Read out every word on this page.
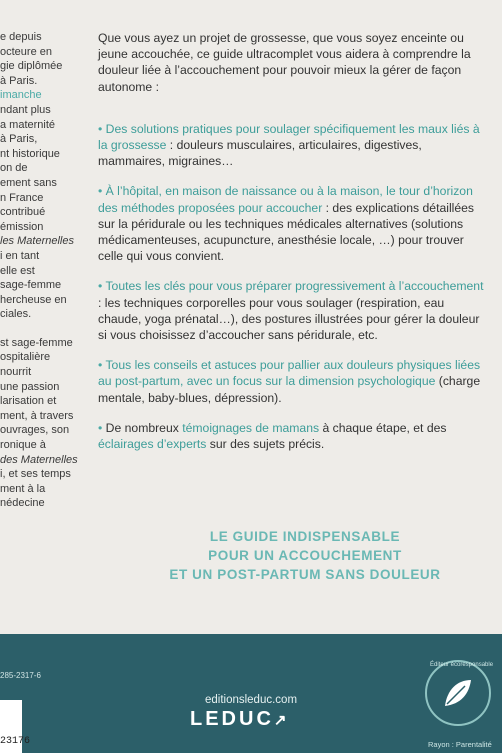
e depuis
octeure en
gie diplômée
à Paris.
imanche
ndant plus
a maternité
à Paris,
nt historique
on de
ement sans
n France
contribué
émission
les Maternelles
i en tant
elle est
sage-femme
hercheuse en
ciales.
st sage-femme
ospitalière
nourrit
une passion
larisation et
ment, à travers
ouvrages, son
ronique à
des Maternelles
i, et ses temps
ment à la
nédecine

Que vous ayez un projet de grossesse, que vous soyez enceinte ou jeune accouchée, ce guide ultracomplet vous aidera à comprendre la douleur liée à l’accouchement pour pouvoir mieux la gérer de façon autonome :

• Des solutions pratiques pour soulager spécifiquement les maux liés à la grossesse : douleurs musculaires, articulaires, digestives, mammaires, migraines…

• À l’hôpital, en maison de naissance ou à la maison, le tour d’horizon des méthodes proposées pour accoucher : des explications détaillées sur la péridurale ou les techniques médicales alternatives (solutions médicamenteuses, acupuncture, anesthésie locale, …) pour trouver celle qui vous convient.

• Toutes les clés pour vous préparer progressivement à l’accouchement : les techniques corporelles pour vous soulager (respiration, eau chaude, yoga prénatal…), des postures illustrées pour gérer la douleur si vous choisissez d’accoucher sans péridurale, etc.

• Tous les conseils et astuces pour pallier aux douleurs physiques liées au post-partum, avec un focus sur la dimension psychologique (charge mentale, baby-blues, dépression).

• De nombreux témoignages de mamans à chaque étape, et des éclairages d’experts sur des sujets précis.

LE GUIDE INDISPENSABLE
POUR UN ACCOUCHEMENT
ET UN POST-PARTUM SANS DOULEUR
285-2317-6
23176
editionsleduc.com
LEDUC↗
Éditeur écoresponsable
Rayon : Parentalité
